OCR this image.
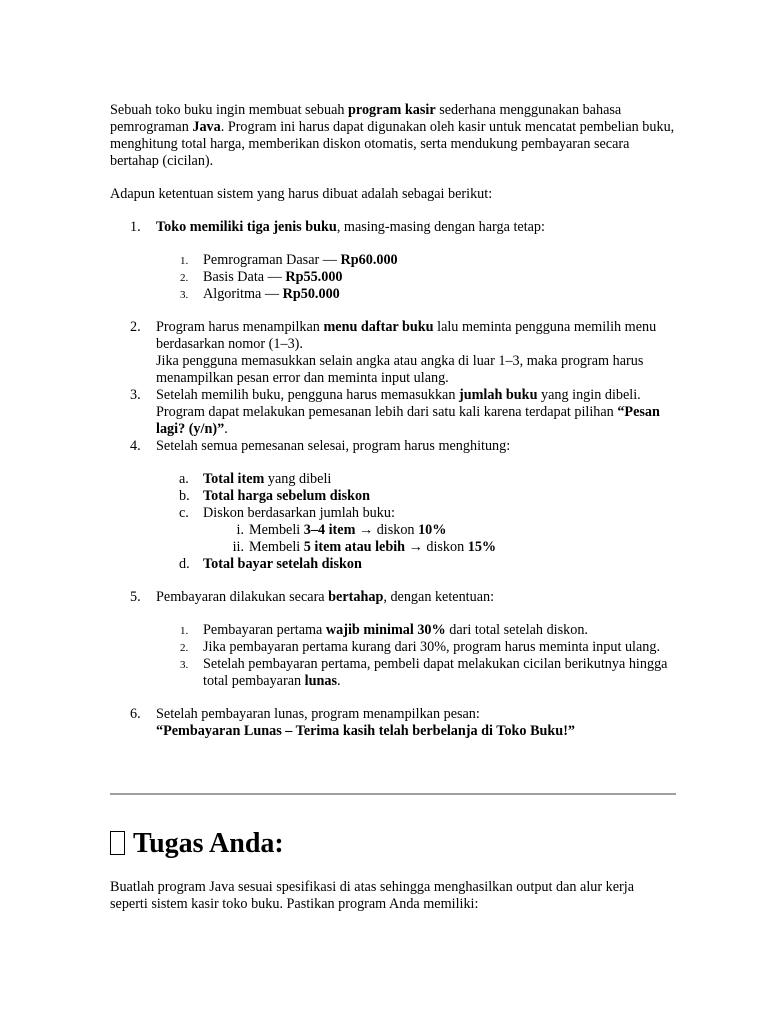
Sebuah toko buku ingin membuat sebuah program kasir sederhana menggunakan bahasa pemrograman Java. Program ini harus dapat digunakan oleh kasir untuk mencatat pembelian buku, menghitung total harga, memberikan diskon otomatis, serta mendukung pembayaran secara bertahap (cicilan).

Adapun ketentuan sistem yang harus dibuat adalah sebagai berikut:

1.	Toko memiliki tiga jenis buku, masing-masing dengan harga tetap:

1. Pemrograman Dasar — Rp60.000
2. Basis Data — Rp55.000
3. Algoritma — Rp50.000
2.	Program harus menampilkan menu daftar buku lalu meminta pengguna memilih menu berdasarkan nomor (1–3).

Jika pengguna memasukkan selain angka atau angka di luar 1–3, maka program harus menampilkan pesan error dan meminta input ulang.

3.	Setelah memilih buku, pengguna harus memasukkan jumlah buku yang ingin dibeli.

Program dapat melakukan pemesanan lebih dari satu kali karena terdapat pilihan “Pesan lagi? (y/n)”.

4.	Setelah semua pemesanan selesai, program harus menghitung:

a. Total item yang dibeli
b. Total harga sebelum diskon
c. Diskon berdasarkan jumlah buku:
i. Membeli 3–4 item → diskon 10%
ii. Membeli 5 item atau lebih → diskon 15%
d. Total bayar setelah diskon
5.	Pembayaran dilakukan secara bertahap, dengan ketentuan:

1. Pembayaran pertama wajib minimal 30% dari total setelah diskon.
2. Jika pembayaran pertama kurang dari 30%, program harus meminta input ulang.
3. Setelah pembayaran pertama, pembeli dapat melakukan cicilan berikutnya hingga total pembayaran lunas.
6.	Setelah pembayaran lunas, program menampilkan pesan:

“Pembayaran Lunas – Terima kasih telah berbelanja di Toko Buku!”

Tugas Anda:

Buatlah program Java sesuai spesifikasi di atas sehingga menghasilkan output dan alur kerja seperti sistem kasir toko buku. Pastikan program Anda memiliki:
